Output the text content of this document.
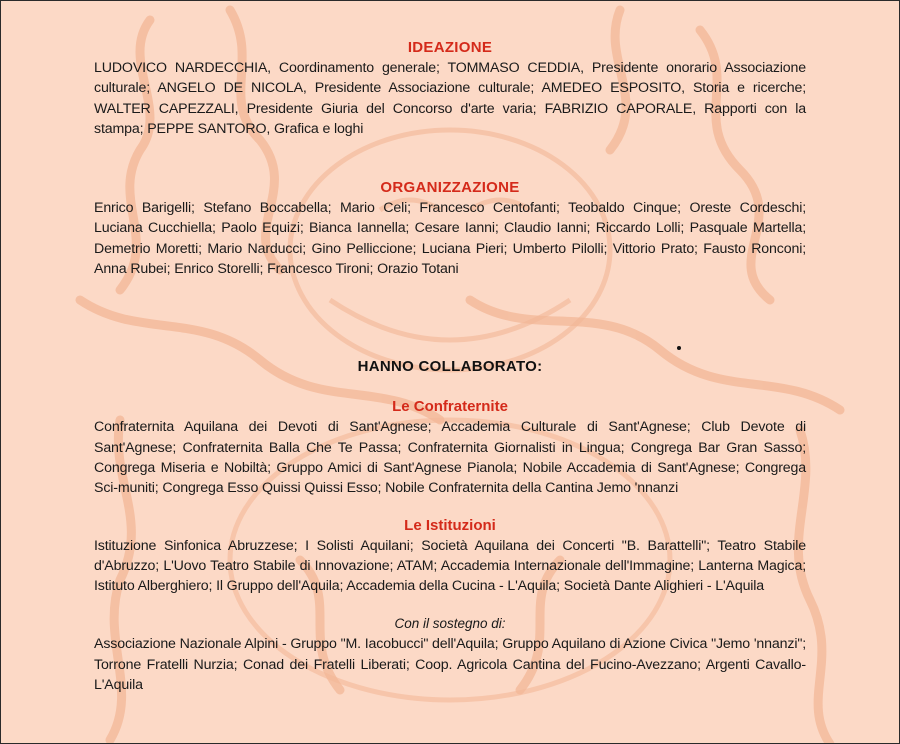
IDEAZIONE

LUDOVICO NARDECCHIA, Coordinamento generale; TOMMASO CEDDIA, Presidente onorario Associazione culturale; ANGELO DE NICOLA, Presidente Associazione culturale; AMEDEO ESPOSITO, Storia e ricerche; WALTER CAPEZZALI, Presidente Giuria del Concorso d'arte varia; FABRIZIO CAPORALE, Rapporti con la stampa; PEPPE SANTORO, Grafica e loghi

ORGANIZZAZIONE

Enrico Barigelli; Stefano Boccabella; Mario Celi; Francesco Centofanti; Teobaldo Cinque; Oreste Cordeschi; Luciana Cucchiella; Paolo Equizi; Bianca Iannella; Cesare Ianni; Claudio Ianni; Riccardo Lolli; Pasquale Martella; Demetrio Moretti; Mario Narducci; Gino Pelliccione; Luciana Pieri; Umberto Pilolli; Vittorio Prato; Fausto Ronconi; Anna Rubei; Enrico Storelli; Francesco Tironi; Orazio Totani

HANNO COLLABORATO:
Le Confraternite

Confraternita Aquilana dei Devoti di Sant'Agnese; Accademia Culturale di Sant'Agnese; Club Devote di Sant'Agnese; Confraternita Balla Che Te Passa; Confraternita Giornalisti in Lingua; Congrega Bar Gran Sasso; Congrega Miseria e Nobiltà; Gruppo Amici di Sant'Agnese Pianola; Nobile Accademia di Sant'Agnese; Congrega Sci-muniti; Congrega Esso Quissi Quissi Esso; Nobile Confraternita della Cantina Jemo 'nnanzi

Le Istituzioni

Istituzione Sinfonica Abruzzese; I Solisti Aquilani; Società Aquilana dei Concerti "B. Barattelli"; Teatro Stabile d'Abruzzo; L'Uovo Teatro Stabile di Innovazione; ATAM; Accademia Internazionale dell'Immagine; Lanterna Magica; Istituto Alberghiero; Il Gruppo dell'Aquila; Accademia della Cucina - L'Aquila; Società Dante Alighieri - L'Aquila

Con il sostegno di:

Associazione Nazionale Alpini - Gruppo "M. Iacobucci" dell'Aquila; Gruppo Aquilano di Azione Civica "Jemo 'nnanzi"; Torrone Fratelli Nurzia; Conad dei Fratelli Liberati; Coop. Agricola Cantina del Fucino-Avezzano; Argenti Cavallo-L'Aquila
